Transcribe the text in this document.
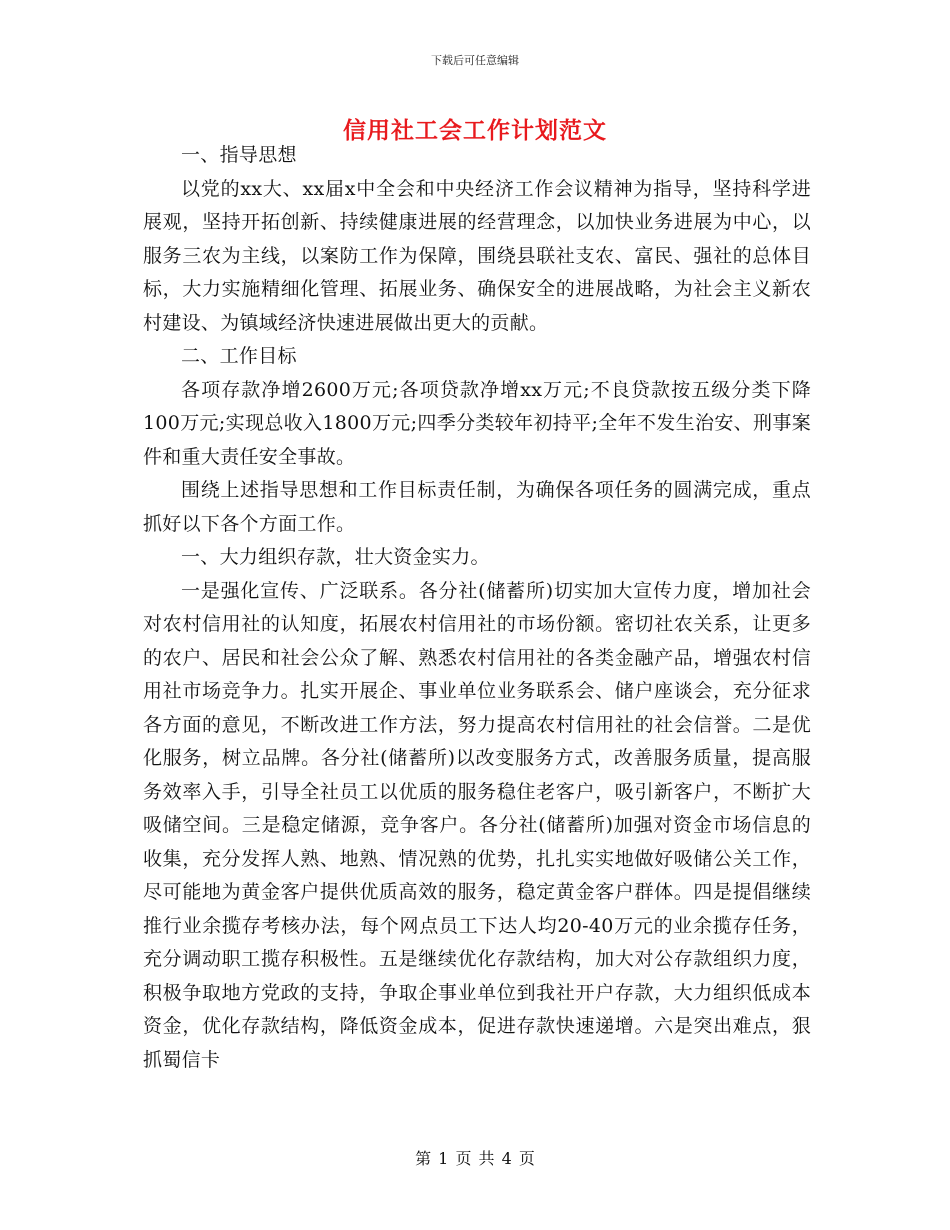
下载后可任意编辑
信用社工会工作计划范文

一、指导思想

以党的xx大、xx届x中全会和中央经济工作会议精神为指导，坚持科学进展观，坚持开拓创新、持续健康进展的经营理念，以加快业务进展为中心，以服务三农为主线，以案防工作为保障，围绕县联社支农、富民、强社的总体目标，大力实施精细化管理、拓展业务、确保安全的进展战略，为社会主义新农村建设、为镇域经济快速进展做出更大的贡献。

二、工作目标

各项存款净增2600万元;各项贷款净增xx万元;不良贷款按五级分类下降100万元;实现总收入1800万元;四季分类较年初持平;全年不发生治安、刑事案件和重大责任安全事故。

围绕上述指导思想和工作目标责任制，为确保各项任务的圆满完成，重点抓好以下各个方面工作。

一、大力组织存款，壮大资金实力。

一是强化宣传、广泛联系。各分社(储蓄所)切实加大宣传力度，增加社会对农村信用社的认知度，拓展农村信用社的市场份额。密切社农关系，让更多的农户、居民和社会公众了解、熟悉农村信用社的各类金融产品，增强农村信用社市场竞争力。扎实开展企、事业单位业务联系会、储户座谈会，充分征求各方面的意见，不断改进工作方法，努力提高农村信用社的社会信誉。二是优化服务，树立品牌。各分社(储蓄所)以改变服务方式，改善服务质量，提高服务效率入手，引导全社员工以优质的服务稳住老客户，吸引新客户，不断扩大吸储空间。三是稳定储源，竞争客户。各分社(储蓄所)加强对资金市场信息的收集，充分发挥人熟、地熟、情况熟的优势，扎扎实实地做好吸储公关工作，尽可能地为黄金客户提供优质高效的服务，稳定黄金客户群体。四是提倡继续推行业余揽存考核办法，每个网点员工下达人均20-40万元的业余揽存任务，充分调动职工揽存积极性。五是继续优化存款结构，加大对公存款组织力度，积极争取地方党政的支持，争取企事业单位到我社开户存款，大力组织低成本资金，优化存款结构，降低资金成本，促进存款快速递增。六是突出难点，狠抓蜀信卡

第 1 页 共 4 页
